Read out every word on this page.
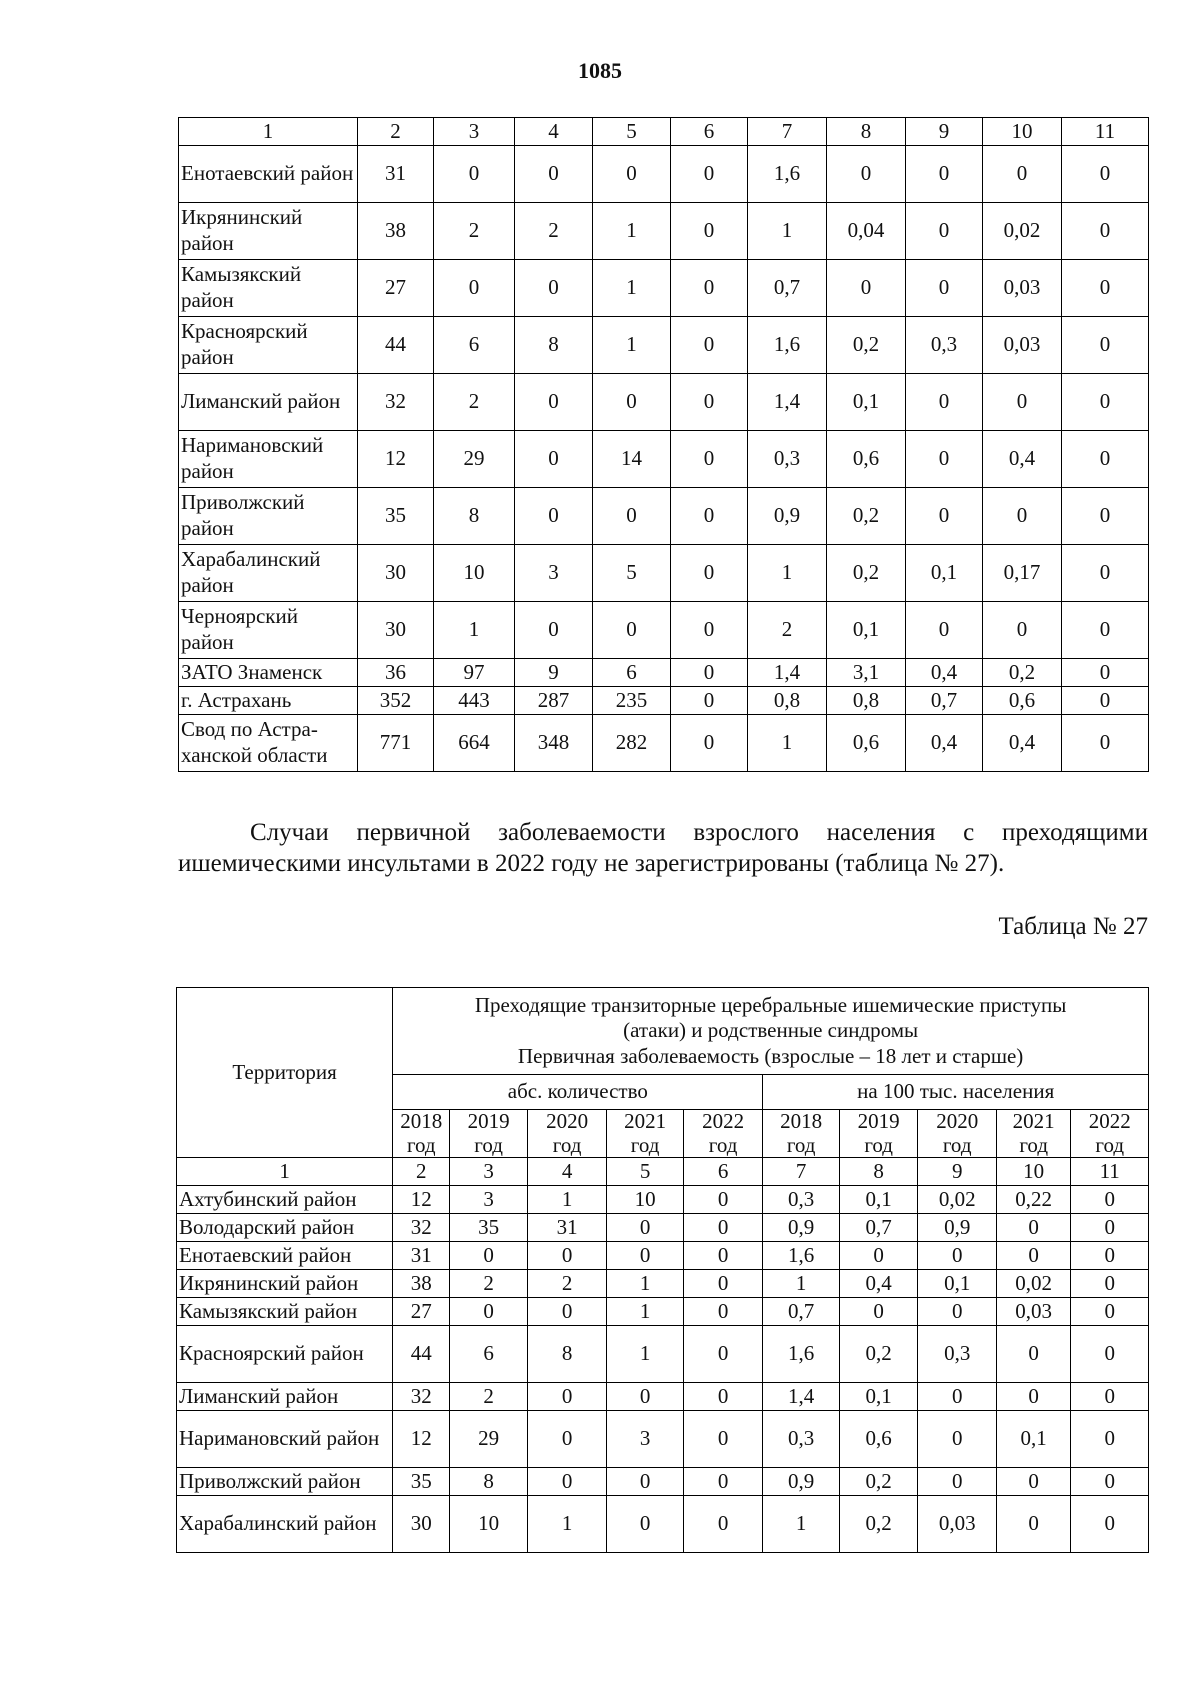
1085
1	2	3	4	5	6	7	8	9	10	11
Енотаевский район	31	0	0	0	0	1,6	0	0	0	0
Икрянинский район	38	2	2	1	0	1	0,04	0	0,02	0
Камызякский район	27	0	0	1	0	0,7	0	0	0,03	0
Красноярский район	44	6	8	1	0	1,6	0,2	0,3	0,03	0
Лиманский район	32	2	0	0	0	1,4	0,1	0	0	0
Наримановский район	12	29	0	14	0	0,3	0,6	0	0,4	0
Приволжский район	35	8	0	0	0	0,9	0,2	0	0	0
Харабалинский район	30	10	3	5	0	1	0,2	0,1	0,17	0
Черноярский район	30	1	0	0	0	2	0,1	0	0	0
ЗАТО Знаменск	36	97	9	6	0	1,4	3,1	0,4	0,2	0
г. Астрахань	352	443	287	235	0	0,8	0,8	0,7	0,6	0
Свод по Астра- ханской области	771	664	348	282	0	1	0,6	0,4	0,4	0

Случаи первичной заболеваемости взрослого населения с преходящими ишемическими инсультами в 2022 году не зарегистрированы (таблица № 27).

Таблица № 27
Территория	Преходящие транзиторные церебральные ишемические приступы
(атаки) и родственные синдромы
Первичная заболеваемость (взрослые – 18 лет и старше)									

	абс. количество					на 100 тыс. населения				
	2018 год	2019 год	2020 год	2021 год	2022 год	2018 год	2019 год	2020 год	2021 год	2022 год
1	2	3	4	5	6	7	8	9	10	11
Ахтубинский район	12	3	1	10	0	0,3	0,1	0,02	0,22	0
Володарский район	32	35	31	0	0	0,9	0,7	0,9	0	0
Енотаевский район	31	0	0	0	0	1,6	0	0	0	0
Икрянинский район	38	2	2	1	0	1	0,4	0,1	0,02	0
Камызякский район	27	0	0	1	0	0,7	0	0	0,03	0
Красноярский район	44	6	8	1	0	1,6	0,2	0,3	0	0
Лиманский район	32	2	0	0	0	1,4	0,1	0	0	0
Наримановский район	12	29	0	3	0	0,3	0,6	0	0,1	0
Приволжский район	35	8	0	0	0	0,9	0,2	0	0	0
Харабалинский район	30	10	1	0	0	1	0,2	0,03	0	0
